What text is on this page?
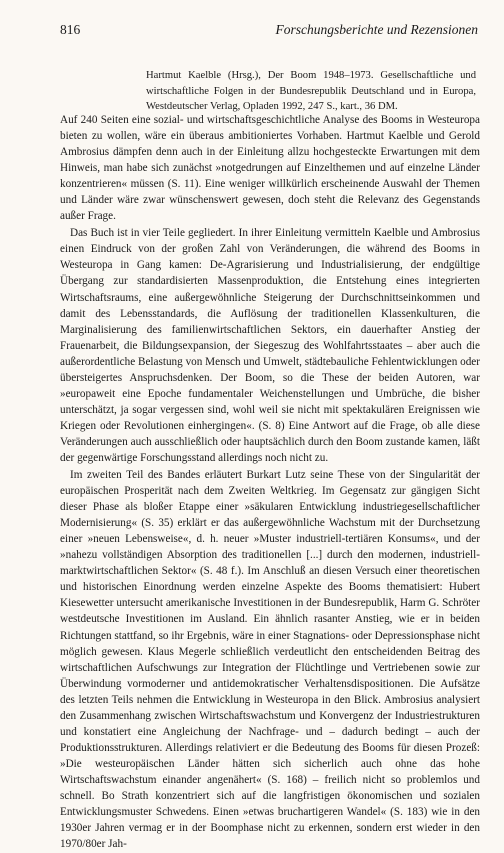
816	Forschungsberichte und Rezensionen

Hartmut Kaelble (Hrsg.), Der Boom 1948–1973. Gesellschaftliche und wirtschaftliche Folgen in der Bundesrepublik Deutschland und in Europa, Westdeutscher Verlag, Opladen 1992, 247 S., kart., 36 DM.

Auf 240 Seiten eine sozial- und wirtschaftsgeschichtliche Analyse des Booms in Westeuropa bieten zu wollen, wäre ein überaus ambitioniertes Vorhaben. Hartmut Kaelble und Gerold Ambrosius dämpfen denn auch in der Einleitung allzu hochgesteckte Erwartungen mit dem Hinweis, man habe sich zunächst »notgedrungen auf Einzelthemen und auf einzelne Länder konzentrieren« müssen (S. 11). Eine weniger willkürlich erscheinende Auswahl der Themen und Länder wäre zwar wünschenswert gewesen, doch steht die Relevanz des Gegenstands außer Frage.

Das Buch ist in vier Teile gegliedert. In ihrer Einleitung vermitteln Kaelble und Ambrosius einen Eindruck von der großen Zahl von Veränderungen, die während des Booms in Westeuropa in Gang kamen: De-Agrarisierung und Industrialisierung, der endgültige Übergang zur standardisierten Massenproduktion, die Entstehung eines integrierten Wirtschaftsraums, eine außergewöhnliche Steigerung der Durchschnittseinkommen und damit des Lebensstandards, die Auflösung der traditionellen Klassenkulturen, die Marginalisierung des familienwirtschaftlichen Sektors, ein dauerhafter Anstieg der Frauenarbeit, die Bildungsexpansion, der Siegeszug des Wohlfahrtsstaates – aber auch die außerordentliche Belastung von Mensch und Umwelt, städtebauliche Fehlentwicklungen oder übersteigertes Anspruchsdenken. Der Boom, so die These der beiden Autoren, war »europaweit eine Epoche fundamentaler Weichenstellungen und Umbrüche, die bisher unterschätzt, ja sogar vergessen sind, wohl weil sie nicht mit spektakulären Ereignissen wie Kriegen oder Revolutionen einhergingen«. (S. 8) Eine Antwort auf die Frage, ob alle diese Veränderungen auch ausschließlich oder hauptsächlich durch den Boom zustande kamen, läßt der gegenwärtige Forschungsstand allerdings noch nicht zu.

Im zweiten Teil des Bandes erläutert Burkart Lutz seine These von der Singularität der europäischen Prosperität nach dem Zweiten Weltkrieg. Im Gegensatz zur gängigen Sicht dieser Phase als bloßer Etappe einer »säkularen Entwicklung industriegesellschaftlicher Modernisierung« (S. 35) erklärt er das außergewöhnliche Wachstum mit der Durchsetzung einer »neuen Lebensweise«, d. h. neuer »Muster industriell-tertiären Konsums«, und der »nahezu vollständigen Absorption des traditionellen [...] durch den modernen, industriell-marktwirtschaftlichen Sektor« (S. 48 f.). Im Anschluß an diesen Versuch einer theoretischen und historischen Einordnung werden einzelne Aspekte des Booms thematisiert: Hubert Kiesewetter untersucht amerikanische Investitionen in der Bundesrepublik, Harm G. Schröter westdeutsche Investitionen im Ausland. Ein ähnlich rasanter Anstieg, wie er in beiden Richtungen stattfand, so ihr Ergebnis, wäre in einer Stagnations- oder Depressionsphase nicht möglich gewesen. Klaus Megerle schließlich verdeutlicht den entscheidenden Beitrag des wirtschaftlichen Aufschwungs zur Integration der Flüchtlinge und Vertriebenen sowie zur Überwindung vormoderner und antidemokratischer Verhaltensdispositionen. Die Aufsätze des letzten Teils nehmen die Entwicklung in Westeuropa in den Blick. Ambrosius analysiert den Zusammenhang zwischen Wirtschaftswachstum und Konvergenz der Industriestrukturen und konstatiert eine Angleichung der Nachfrage- und – dadurch bedingt – auch der Produktionsstrukturen. Allerdings relativiert er die Bedeutung des Booms für diesen Prozeß: »Die westeuropäischen Länder hätten sich sicherlich auch ohne das hohe Wirtschaftswachstum einander angenähert« (S. 168) – freilich nicht so problemlos und schnell. Bo Strath konzentriert sich auf die langfristigen ökonomischen und sozialen Entwicklungsmuster Schwedens. Einen »etwas bruchartigeren Wandel« (S. 183) wie in den 1930er Jahren vermag er in der Boomphase nicht zu erkennen, sondern erst wieder in den 1970/80er Jah-
